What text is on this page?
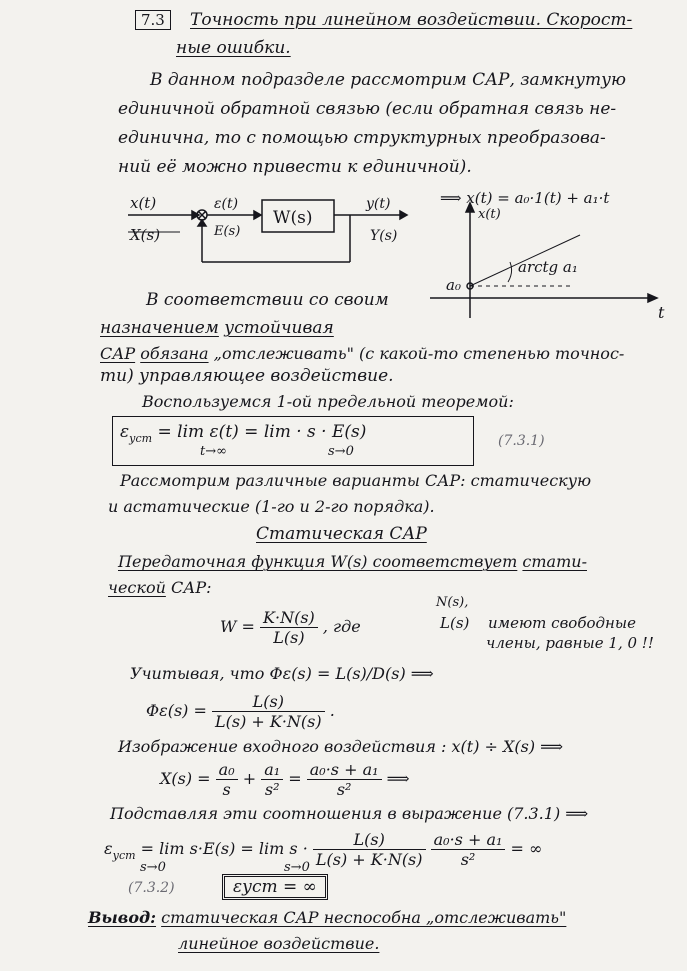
7.3	Точность при линейном воздействии. Скорост-
ные ошибки.
В данном подразделе рассмотрим САР, замкнутую
единичной обратной связью (если обратная связь не-
единична, то с помощью структурных преобразова-
ний её можно привести к единичной).
x(t)
X(s)
ε(t)
E(s)
W(s)
y(t)
Y(s)
⟹ x(t) = a₀·1(t) + a₁·t
x(t)
t
a₀
arctg a₁
В соответствии со своим
назначением устойчивая
САР обязана „отслеживать" (с какой-то степенью точнос-
ти) управляющее воздействие.
Воспользуемся 1-ой предельной теоремой:
$\varepsilon_{уст} = \lim \varepsilon(t) = \lim \cdot s \cdot E(s)$
t→∞	s→0
(7.3.1)
Рассмотрим различные варианты САР: статическую
и астатические (1-го и 2-го порядка).
Статическая САР
Передаточная функция W(s) соответствует стати-
ческой САР:
$W = \frac{K\cdot N(s)}{L(s)}$ , где
N(s),
L(s) имеют свободные
члены, равные 1, 0 !!
Учитывая, что Φε(s) = L(s)/D(s) ⟹
$\Phi\varepsilon(s) = \frac{L(s)}{L(s) + K\cdot N(s)}$ .
Изображение входного воздействия : x(t) ÷ X(s) ⟹
$X(s) = \frac{\text{a₀}}{s} + \frac{\text{a₁}}{\text{s²}} = \frac{\text{a₀·s + a₁}}{\text{s²}}$ ⟹
Подставляя эти соотношения в выражение (7.3.1) ⟹
$\varepsilon_{уст} = \lim s\cdot E(s) = \lim s \cdot \frac{L(s)}{L(s) + K\cdot N(s)}$
$\frac{\text{a₀·s + a₁}}{\text{s²}}$ = ∞
s→0	s→0
(7.3.2)	εуст = ∞
Вывод: статическая САР неспособна „отслеживать"
линейное воздействие.
